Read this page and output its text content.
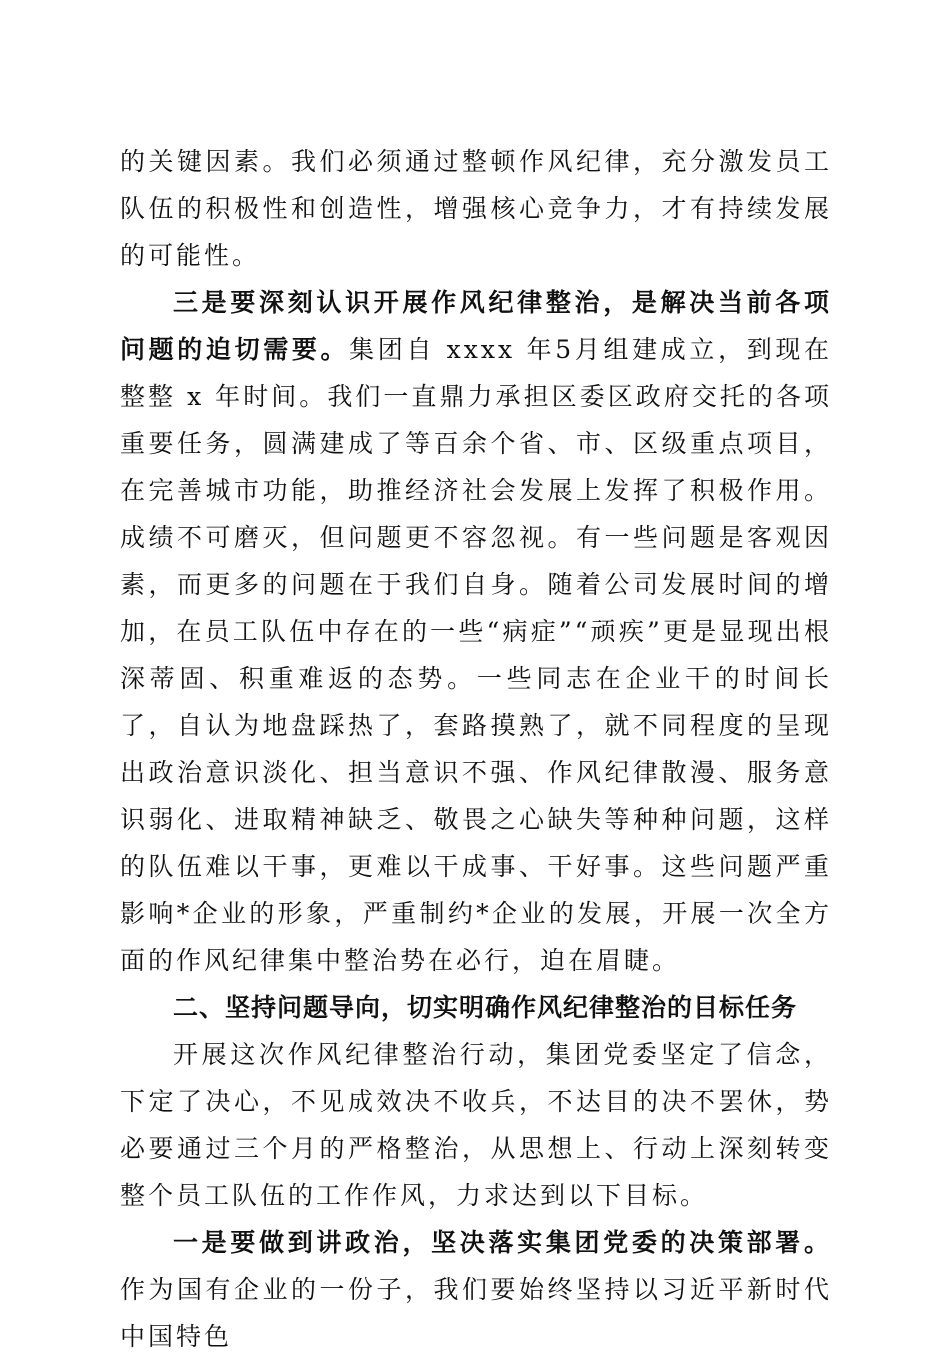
的关键因素。我们必须通过整顿作风纪律，充分激发员工队伍的积极性和创造性，增强核心竞争力，才有持续发展的可能性。

三是要深刻认识开展作风纪律整治，是解决当前各项问题的迫切需要。集团自 xxxx 年5月组建成立，到现在整整 x 年时间。我们一直鼎力承担区委区政府交托的各项重要任务，圆满建成了等百余个省、市、区级重点项目，在完善城市功能，助推经济社会发展上发挥了积极作用。成绩不可磨灭，但问题更不容忽视。有一些问题是客观因素，而更多的问题在于我们自身。随着公司发展时间的增加，在员工队伍中存在的一些“病症”“顽疾”更是显现出根深蒂固、积重难返的态势。一些同志在企业干的时间长了，自认为地盘踩热了，套路摸熟了，就不同程度的呈现出政治意识淡化、担当意识不强、作风纪律散漫、服务意识弱化、进取精神缺乏、敬畏之心缺失等种种问题，这样的队伍难以干事，更难以干成事、干好事。这些问题严重影响*企业的形象，严重制约*企业的发展，开展一次全方面的作风纪律集中整治势在必行，迫在眉睫。

二、坚持问题导向，切实明确作风纪律整治的目标任务

开展这次作风纪律整治行动，集团党委坚定了信念，下定了决心，不见成效决不收兵，不达目的决不罢休，势必要通过三个月的严格整治，从思想上、行动上深刻转变整个员工队伍的工作作风，力求达到以下目标。

一是要做到讲政治，坚决落实集团党委的决策部署。作为国有企业的一份子，我们要始终坚持以习近平新时代中国特色
